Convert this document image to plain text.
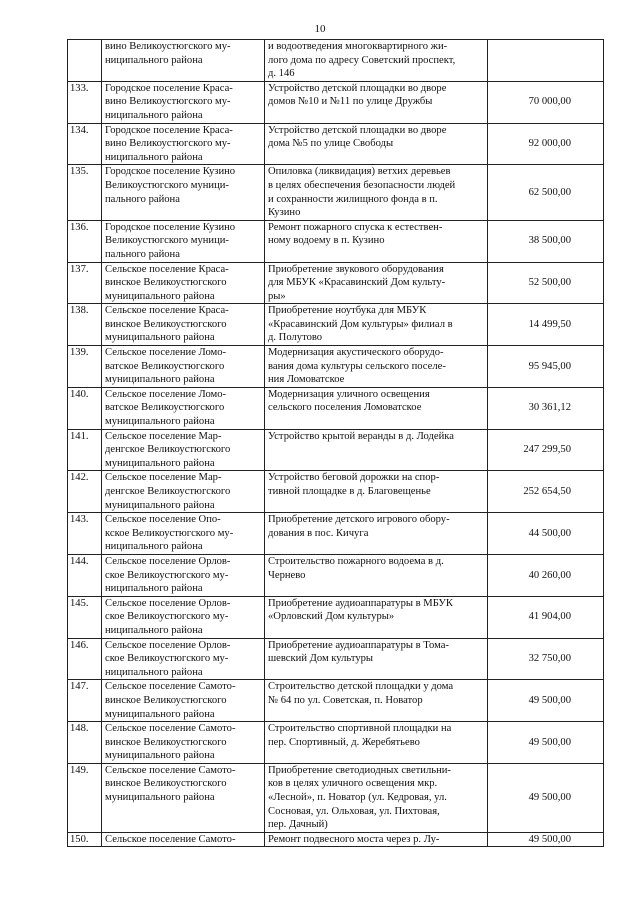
10
	вино Великоустюгского му-
ниципального района	и водоотведения многоквартирного жи-
лого дома по адресу Советский проспект,
д. 146	
133.	Городское поселение Краса-
вино Великоустюгского му-
ниципального района	Устройство детской площадки во дворе
домов №10 и №11 по улице Дружбы	70 000,00
134.	Городское поселение Краса-
вино Великоустюгского му-
ниципального района	Устройство детской площадки во дворе
дома №5 по улице Свободы	92 000,00
135.	Городское поселение Кузино
Великоустюгского муници-
пального района	Опиловка (ликвидация) ветхих деревьев
в целях обеспечения безопасности людей
и сохранности жилищного фонда в п.
Кузино	62 500,00
136.	Городское поселение Кузино
Великоустюгского муници-
пального района	Ремонт пожарного спуска к естествен-
ному водоему в п. Кузино	38 500,00
137.	Сельское поселение Краса-
винское Великоустюгского
муниципального района	Приобретение звукового оборудования
для МБУК «Красавинский Дом культу-
ры»	52 500,00
138.	Сельское поселение Краса-
винское Великоустюгского
муниципального района	Приобретение ноутбука для МБУК
«Красавинский Дом культуры» филиал в
д. Полутово	14 499,50
139.	Сельское поселение Ломо-
ватское Великоустюгского
муниципального района	Модернизация акустического оборудо-
вания дома культуры сельского поселе-
ния Ломоватское	95 945,00
140.	Сельское поселение Ломо-
ватское Великоустюгского
муниципального района	Модернизация уличного освещения
сельского поселения Ломоватское	30 361,12
141.	Сельское поселение Мар-
денгское Великоустюгского
муниципального района	Устройство крытой веранды в д. Лодейка	247 299,50
142.	Сельское поселение Мар-
денгское Великоустюгского
муниципального района	Устройство беговой дорожки на спор-
тивной площадке в д. Благовещенье	252 654,50
143.	Сельское поселение Опо-
кское Великоустюгского му-
ниципального района	Приобретение детского игрового обору-
дования в пос. Кичуга	44 500,00
144.	Сельское поселение Орлов-
ское Великоустюгского му-
ниципального района	Строительство пожарного водоема в д.
Чернево	40 260,00
145.	Сельское поселение Орлов-
ское Великоустюгского му-
ниципального района	Приобретение аудиоаппаратуры в МБУК
«Орловский Дом культуры»	41 904,00
146.	Сельское поселение Орлов-
ское Великоустюгского му-
ниципального района	Приобретение аудиоаппаратуры в Тома-
шевский Дом культуры	32 750,00
147.	Сельское поселение Самото-
винское Великоустюгского
муниципального района	Строительство детской площадки у дома
№ 64 по ул. Советская, п. Новатор	49 500,00
148.	Сельское поселение Самото-
винское Великоустюгского
муниципального района	Строительство спортивной площадки на
пер. Спортивный, д. Жеребятьево	49 500,00
149.	Сельское поселение Самото-
винское Великоустюгского
муниципального района	Приобретение светодиодных светильни-
ков в целях уличного освещения мкр.
«Лесной», п. Новатор (ул. Кедровая, ул.
Сосновая, ул. Ольховая, ул. Пихтовая,
пер. Дачный)	49 500,00
150.	Сельское поселение Самото-	Ремонт подвесного моста через р. Лу-	49 500,00
